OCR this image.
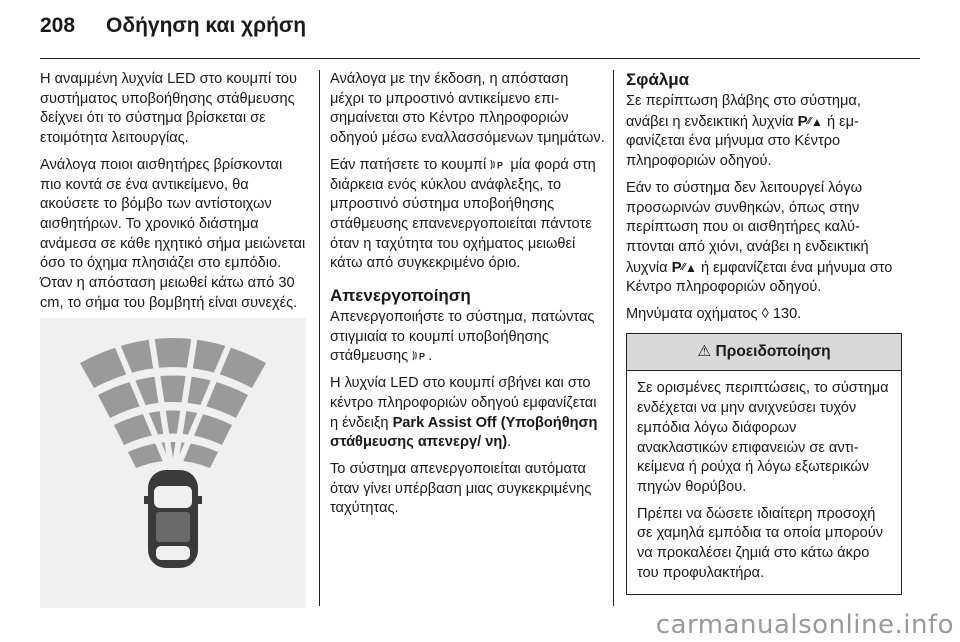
208	Οδήγηση και χρήση

Η αναμμένη λυχνία LED στο κουμπί του συστήματος υποβοήθησης στάθμευσης δείχνει ότι το σύστημα βρίσκεται σε ετοιμότητα λειτουργίας.

Ανάλογα ποιοι αισθητήρες βρίσκονται πιο κοντά σε ένα αντικείμενο, θα ακούσετε το βόμβο των αντίστοιχων αισθητήρων. Το χρονικό διάστημα ανάμεσα σε κάθε ηχητικό σήμα μειώνεται όσο το όχημα πλησιάζει στο εμπόδιο. Όταν η απόσταση μειωθεί κάτω από 30 cm, το σήμα του βομβητή είναι συνεχές.

Ανάλογα με την έκδοση, η απόσταση μέχρι το μπροστινό αντικείμενο επισημαίνεται στο Κέντρο πληροφοριών οδηγού μέσω εναλλασσόμενων τμημάτων.

Εάν πατήσετε το κουμπί P μία φορά στη διάρκεια ενός κύκλου ανάφλεξης, το μπροστινό σύστημα υποβοήθησης στάθμευσης επανενεργοποιείται πάντοτε όταν η ταχύτητα του οχήματος μειωθεί κάτω από συγκεκριμένο όριο.

Απενεργοποίηση

Απενεργοποιήστε το σύστημα, πατώντας στιγμιαία το κουμπί υποβοήθησης στάθμευσης P .

Η λυχνία LED στο κουμπί σβήνει και στο κέντρο πληροφοριών οδηγού εμφανίζεται η ένδειξη Park Assist Off (Υποβοήθηση στάθμευσης απενεργ/ νη).

Το σύστημα απενεργοποιείται αυτόματα όταν γίνει υπέρβαση μιας συγκεκριμένης ταχύτητας.

Σφάλμα

Σε περίπτωση βλάβης στο σύστημα, ανάβει η ενδεικτική λυχνία P⁄⁄▲ ή εμφανίζεται ένα μήνυμα στο Κέντρο πληροφοριών οδηγού.

Εάν το σύστημα δεν λειτουργεί λόγω προσωρινών συνθηκών, όπως στην περίπτωση που οι αισθητήρες καλύπτονται από χιόνι, ανάβει η ενδεικτική λυχνία P⁄⁄▲ ή εμφανίζεται ένα μήνυμα στο Κέντρο πληροφοριών οδηγού.

Μηνύματα οχήματος ◊ 130.

⚠ Προειδοποίηση

Σε ορισμένες περιπτώσεις, το σύστημα ενδέχεται να μην ανιχνεύσει τυχόν εμπόδια λόγω διάφορων ανακλαστικών επιφανειών σε αντικείμενα ή ρούχα ή λόγω εξωτερικών πηγών θορύβου.

Πρέπει να δώσετε ιδιαίτερη προσοχή σε χαμηλά εμπόδια τα οποία μπορούν να προκαλέσει ζημιά στο κάτω άκρο του προφυλακτήρα.

carmanualsonline.info
